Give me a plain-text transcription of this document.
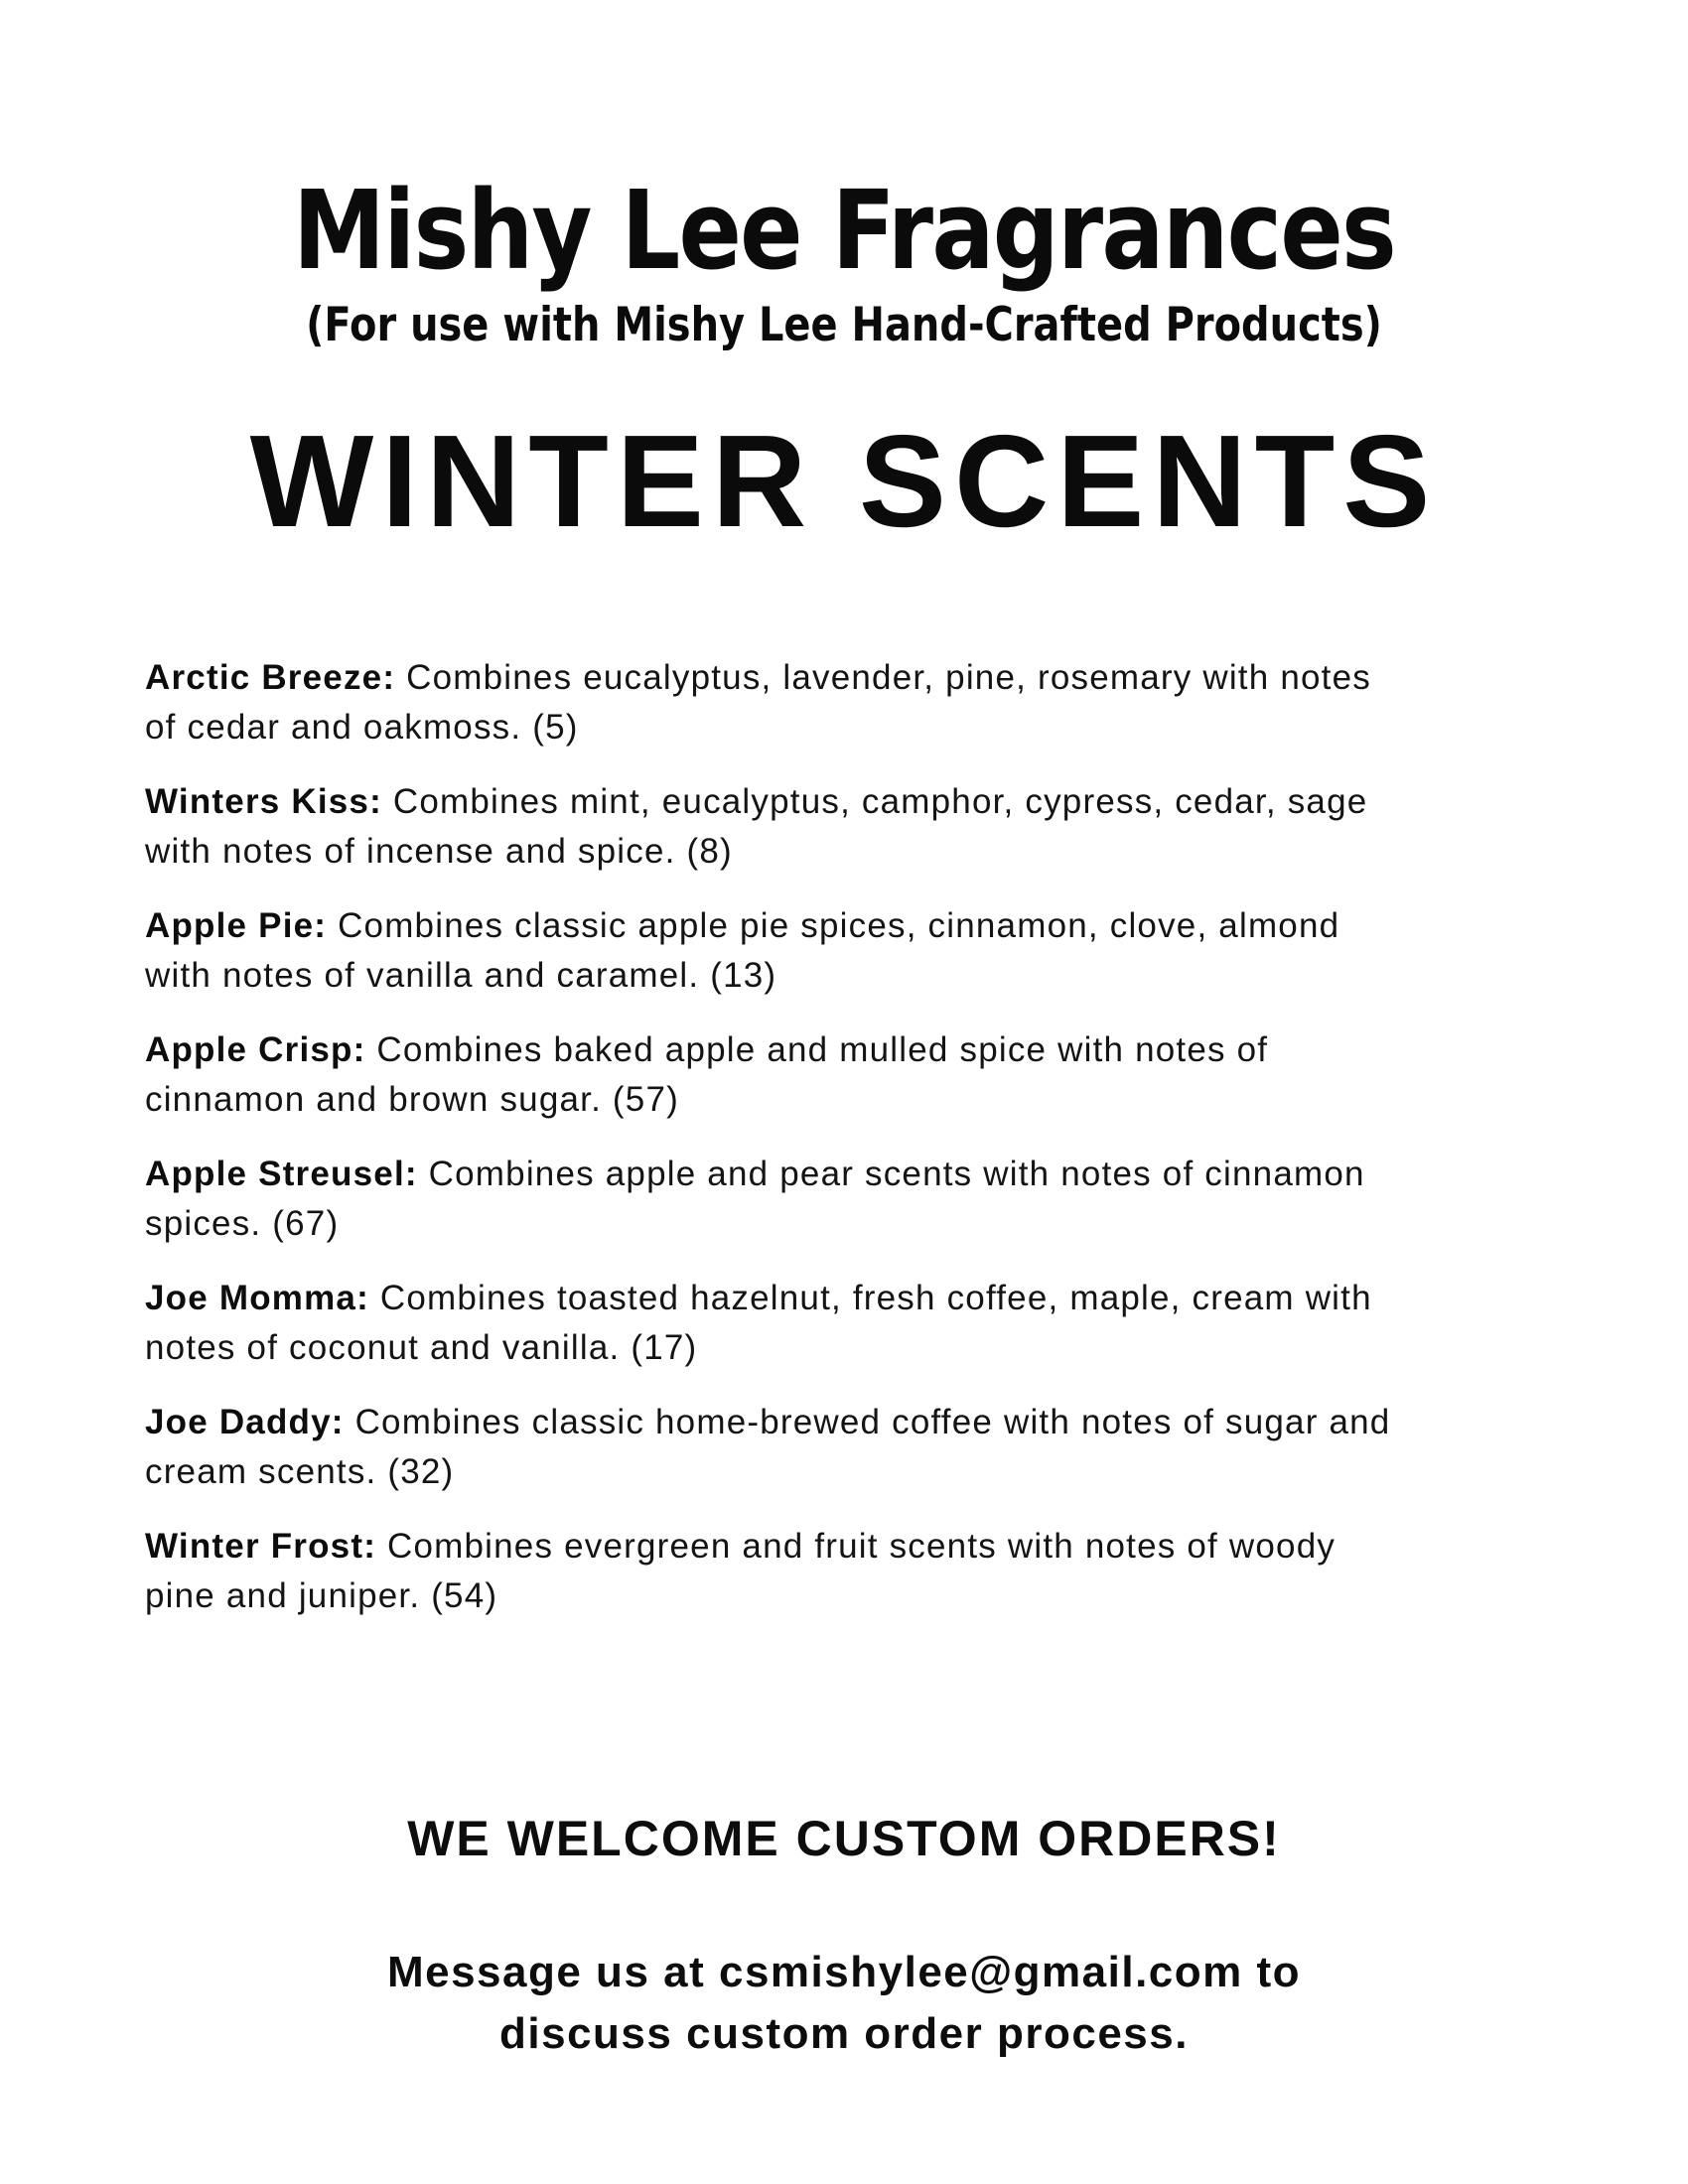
Mishy Lee Fragrances
(For use with Mishy Lee Hand-Crafted Products)
WINTER SCENTS

Arctic Breeze: Combines eucalyptus, lavender, pine, rosemary with notes
of cedar and oakmoss. (5)

Winters Kiss: Combines mint, eucalyptus, camphor, cypress, cedar, sage
with notes of incense and spice. (8)

Apple Pie: Combines classic apple pie spices, cinnamon, clove, almond
with notes of vanilla and caramel. (13)

Apple Crisp: Combines baked apple and mulled spice with notes of
cinnamon and brown sugar. (57)

Apple Streusel: Combines apple and pear scents with notes of cinnamon
spices. (67)

Joe Momma: Combines toasted hazelnut, fresh coffee, maple, cream with
notes of coconut and vanilla. (17)

Joe Daddy: Combines classic home-brewed coffee with notes of sugar and
cream scents. (32)

Winter Frost: Combines evergreen and fruit scents with notes of woody
pine and juniper. (54)

WE WELCOME CUSTOM ORDERS!
Message us at csmishylee@gmail.com to
discuss custom order process.
